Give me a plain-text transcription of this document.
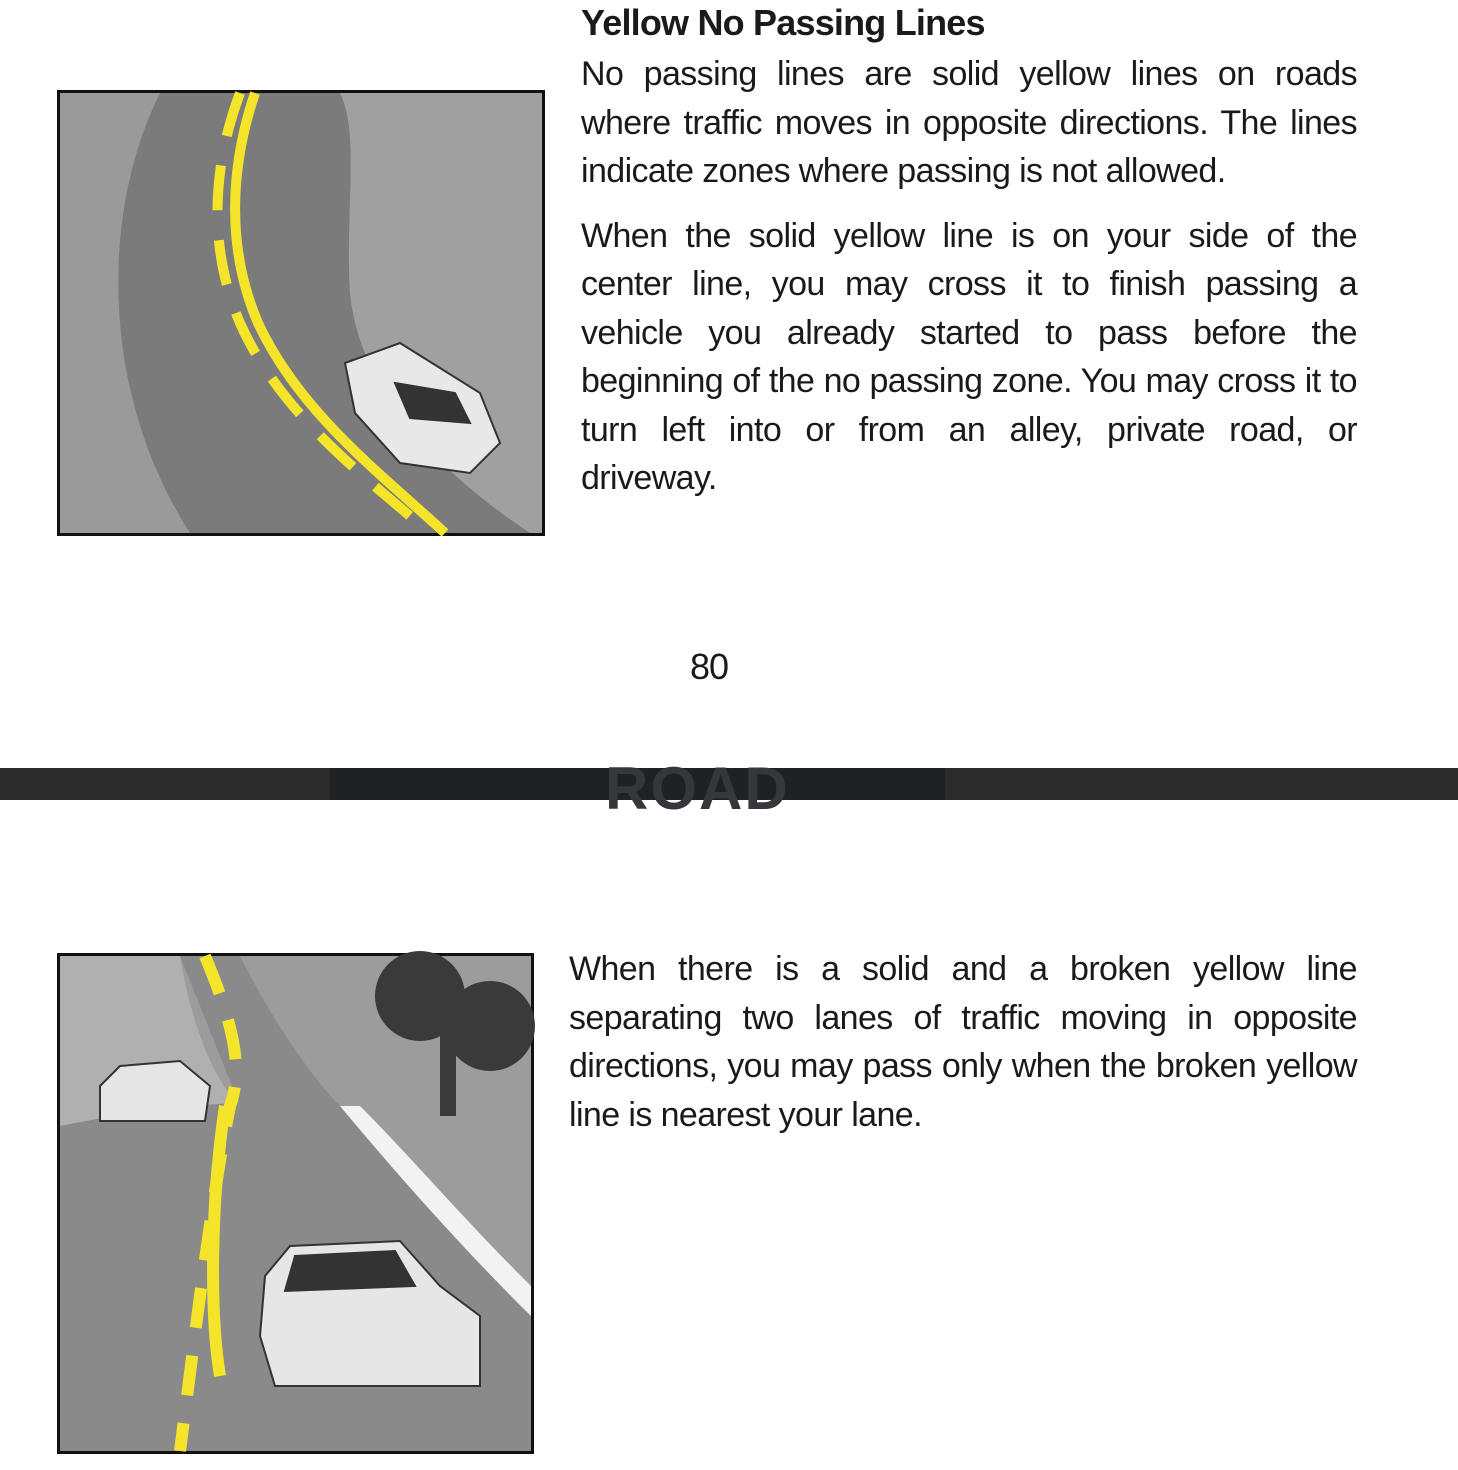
Yellow No Passing Lines

No passing lines are solid yellow lines on roads where traffic moves in opposite directions. The lines indicate zones where passing is not allowed.

When the solid yellow line is on your side of the center line, you may cross it to finish passing a vehicle you already started to pass before the beginning of the no passing zone. You may cross it to turn left into or from an alley, private road, or driveway.

80
ROAD

When there is a solid and a broken yellow line separating two lanes of traffic moving in opposite directions, you may pass only when the broken yellow line is nearest your lane.
